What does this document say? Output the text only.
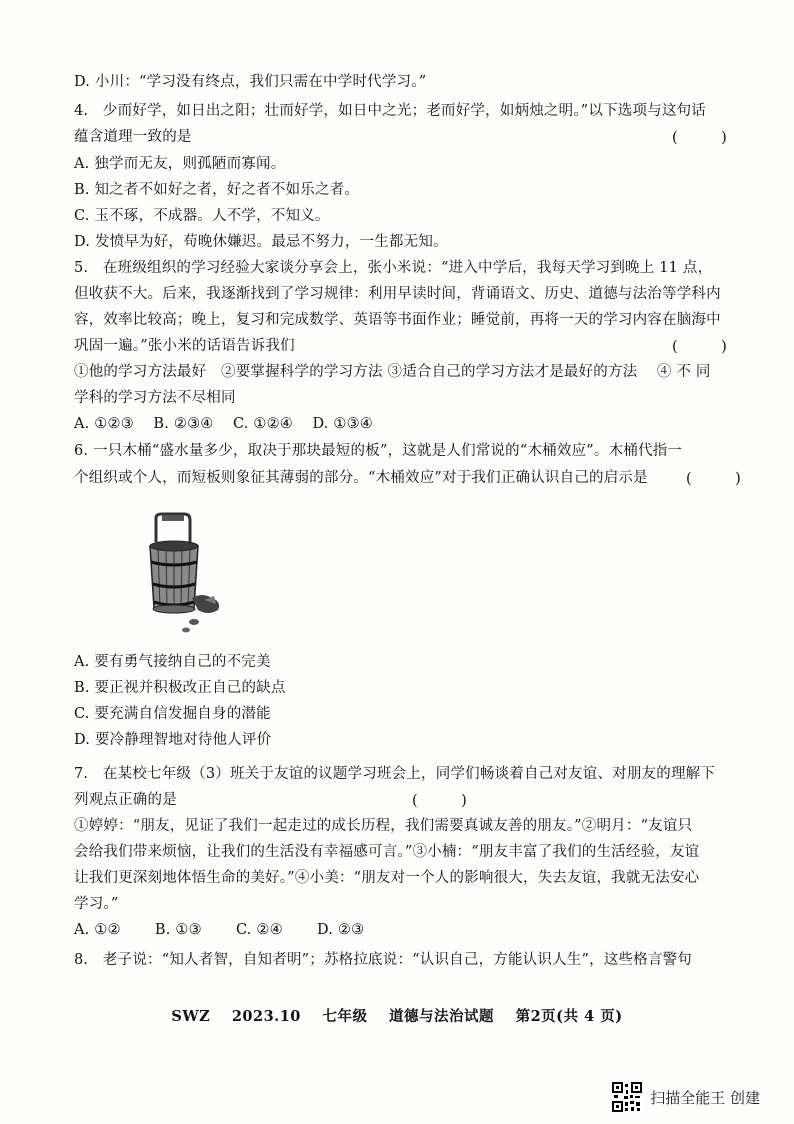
D. 小川：“学习没有终点，我们只需在中学时代学习。”
4.　少而好学，如日出之阳；壮而好学，如日中之光；老而好学，如炳烛之明。”以下选项与这句话
蕴含道理一致的是	(　　　)
A. 独学而无友，则孤陋而寡闻。
B. 知之者不如好之者，好之者不如乐之者。
C. 玉不琢，不成器。人不学，不知义。
D. 发愤早为好，苟晚休嫌迟。最忌不努力，一生都无知。
5.　在班级组织的学习经验大家谈分享会上，张小米说：“进入中学后，我每天学习到晚上 11 点，
但收获不大。后来，我逐渐找到了学习规律：利用早读时间，背诵语文、历史、道德与法治等学科内
容，效率比较高；晚上，复习和完成数学、英语等书面作业；睡觉前，再将一天的学习内容在脑海中
巩固一遍。”张小米的话语告诉我们	(　　　)
①他的学习方法最好　②要掌握科学的学习方法 ③适合自己的学习方法才是最好的方法　 ④ 不 同
学科的学习方法不尽相同
A. ①②③　 B. ②③④　 C. ①②④　 D. ①③④
6. 一只木桶“盛水量多少，取决于那块最短的板”，这就是人们常说的“木桶效应”。木桶代指一
个组织或个人，而短板则象征其薄弱的部分。“木桶效应”对于我们正确认识自己的启示是	(　　　)
A. 要有勇气接纳自己的不完美
B. 要正视并积极改正自己的缺点
C. 要充满自信发掘自身的潜能
D. 要冷静理智地对待他人评价
7.　在某校七年级（3）班关于友谊的议题学习班会上，同学们畅谈着自己对友谊、对朋友的理解下
列观点正确的是	(　　　)
①婷婷：“朋友，见证了我们一起走过的成长历程，我们需要真诚友善的朋友。”②明月：“友谊只
会给我们带来烦恼，让我们的生活没有幸福感可言。”③小楠：“朋友丰富了我们的生活经验，友谊
让我们更深刻地体悟生命的美好。”④小美：“朋友对一个人的影响很大，失去友谊，我就无法安心
学习。”
A. ①②　　 B. ①③　　 C. ②④　　 D. ②③
8.　老子说：“知人者智，自知者明”；苏格拉底说：“认识自己，方能认识人生”，这些格言警句
SWZ 2023.10 七年级 道德与法治试题 第2页(共 4 页)
扫描全能王 创建
